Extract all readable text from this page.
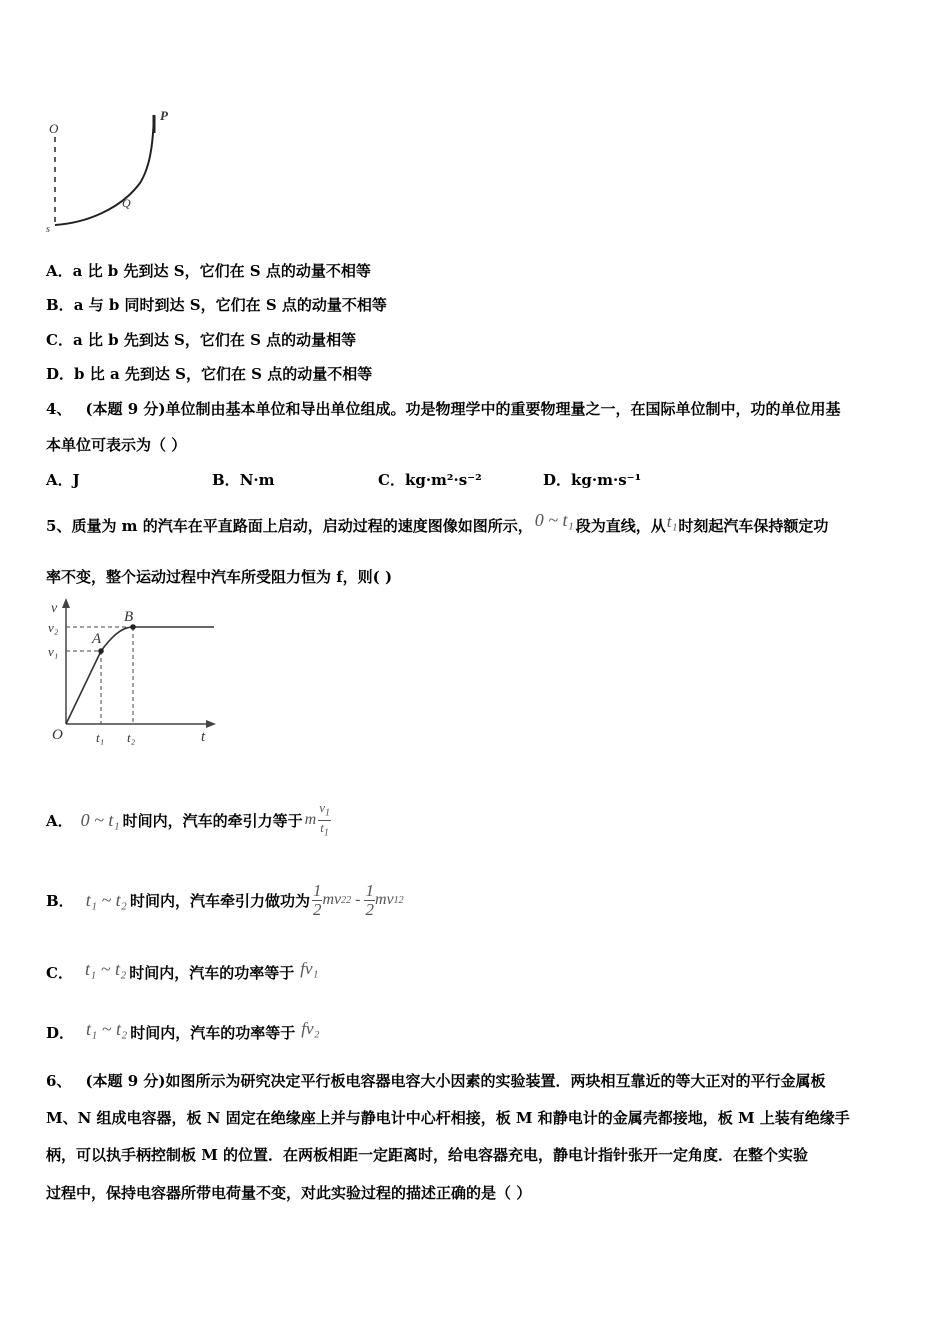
O
P
Q
s
A．a 比 b 先到达 S，它们在 S 点的动量不相等
B．a 与 b 同时到达 S，它们在 S 点的动量不相等
C．a 比 b 先到达 S，它们在 S 点的动量相等
D．b 比 a 先到达 S，它们在 S 点的动量不相等
4、 (本题 9 分)单位制由基本单位和导出单位组成。功是物理学中的重要物理量之一，在国际单位制中，功的单位用基
本单位可表示为（ ）
A．J	B．N·m	C．kg·m²·s⁻²	D．kg·m·s⁻¹
5、质量为 m 的汽车在平直路面上启动，启动过程的速度图像如图所示， 0 ~ t₁ 段为直线，从t₁时刻起汽车保持额定功
率不变，整个运动过程中汽车所受阻力恒为 f，则( )
v
v₂
v₁
A
B
O	t₁ t₂	t
A． 0 ~ t₁ 时间内，汽车的牵引力等于 m $\frac{v_1}{t_1}$
B． t₁ ~ t₂ 时间内，汽车牵引力做功为 $\frac{1}{2}$ mv 2 $2 - \frac{1}{2}$ mv 1 2
C． t₁ ~ t₂ 时间内，汽车的功率等于 fv₁
D． t₁ ~ t₂ 时间内，汽车的功率等于 fv₂
6、 (本题 9 分)如图所示为研究决定平行板电容器电容大小因素的实验装置．两块相互靠近的等大正对的平行金属板
M、N 组成电容器，板 N 固定在绝缘座上并与静电计中心杆相接，板 M 和静电计的金属壳都接地，板 M 上装有绝缘手
柄，可以执手柄控制板 M 的位置．在两板相距一定距离时，给电容器充电，静电计指针张开一定角度．在整个实验
过程中，保持电容器所带电荷量不变，对此实验过程的描述正确的是（ ）
